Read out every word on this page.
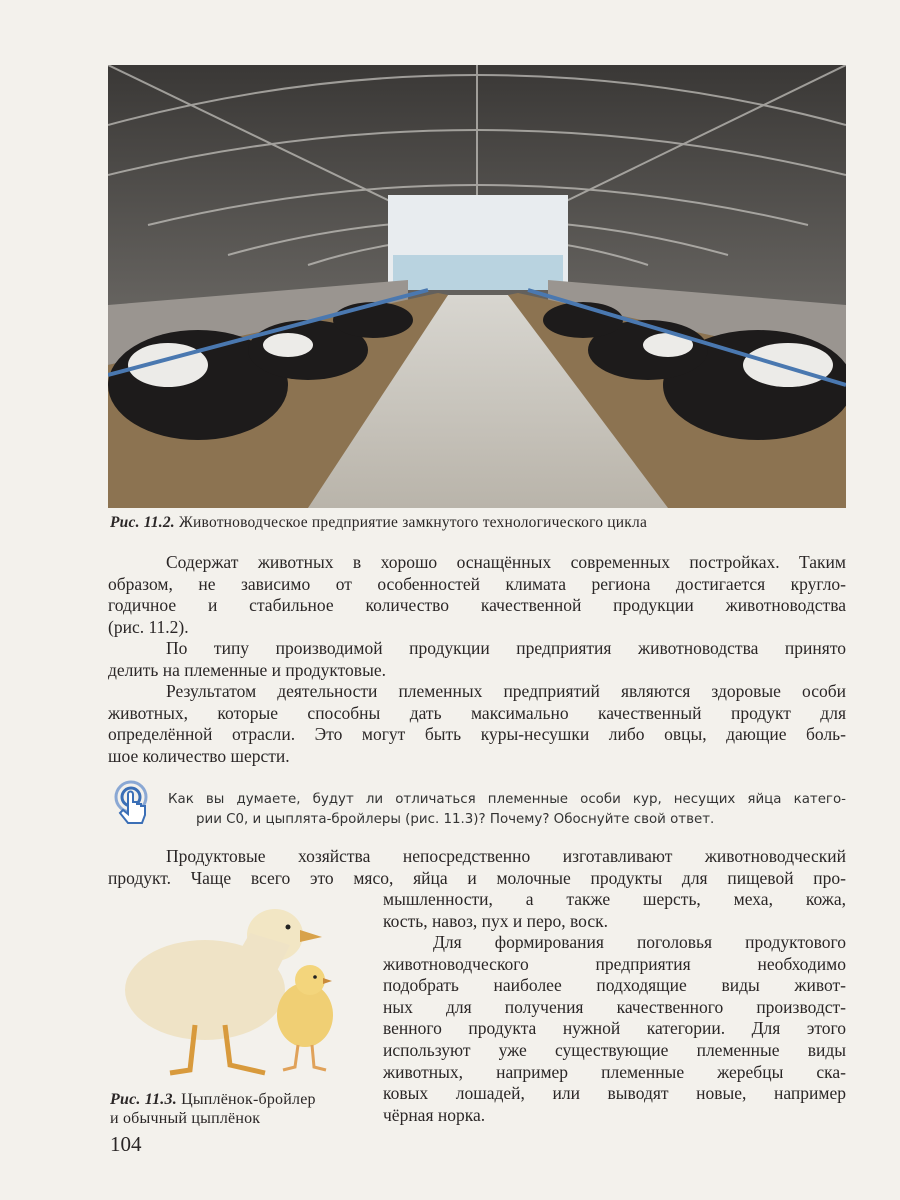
Рис. 11.2. Животноводческое предприятие замкнутого технологического цикла
Содержат животных в хорошо оснащённых современных постройках. Таким
образом, не зависимо от особенностей климата региона достигается кругло-
годичное и стабильное количество качественной продукции животноводства
(рис. 11.2).
По типу производимой продукции предприятия животноводства принято
делить на племенные и продуктовые.
Результатом деятельности племенных предприятий являются здоровые особи
животных, которые способны дать максимально качественный продукт для
определённой отрасли. Это могут быть куры-несушки либо овцы, дающие боль-
шое количество шерсти.
Как вы думаете, будут ли отличаться племенные особи кур, несущих яйца катего-
рии С0, и цыплята-бройлеры (рис. 11.3)? Почему? Обоснуйте свой ответ.
Продуктовые хозяйства непосредственно изготавливают животноводческий
продукт. Чаще всего это мясо, яйца и молочные продукты для пищевой про-
мышленности, а также шерсть, меха, кожа,
кость, навоз, пух и перо, воск.
Для формирования поголовья продуктового
животноводческого предприятия необходимо
подобрать наиболее подходящие виды живот-
ных для получения качественного производст-
венного продукта нужной категории. Для этого
используют уже существующие племенные виды
животных, например племенные жеребцы ска-
ковых лошадей, или выводят новые, например
чёрная норка.
Рис. 11.3. Цыплёнок-бройлер
и обычный цыплёнок
104
